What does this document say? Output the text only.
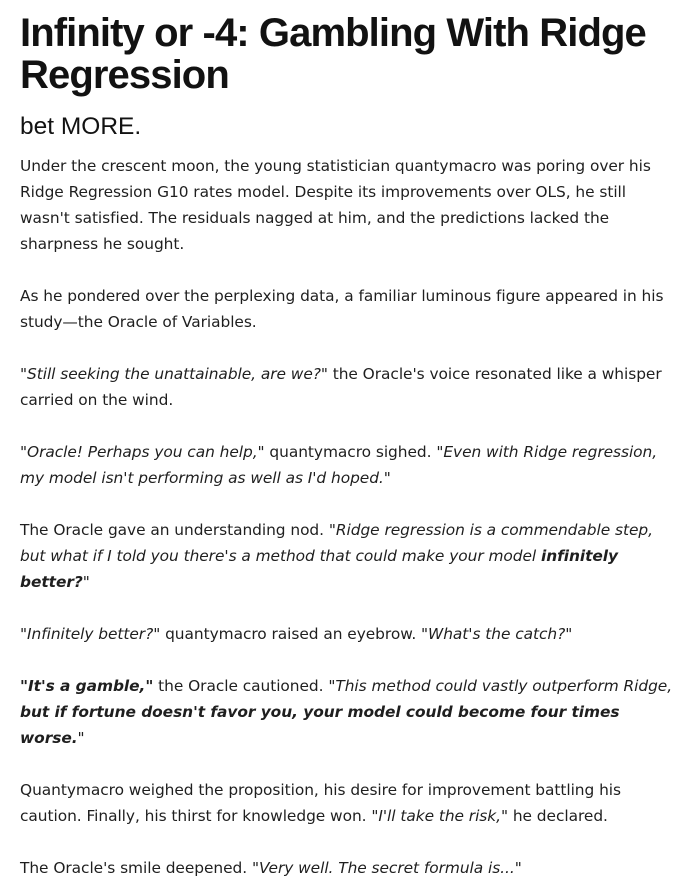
Infinity or -4: Gambling With Ridge Regression
bet MORE.

Under the crescent moon, the young statistician quantymacro was poring over his Ridge Regression G10 rates model. Despite its improvements over OLS, he still wasn't satisfied. The residuals nagged at him, and the predictions lacked the sharpness he sought.

As he pondered over the perplexing data, a familiar luminous figure appeared in his study—the Oracle of Variables.

"Still seeking the unattainable, are we?" the Oracle's voice resonated like a whisper carried on the wind.

"Oracle! Perhaps you can help," quantymacro sighed. "Even with Ridge regression, my model isn't performing as well as I'd hoped."

The Oracle gave an understanding nod. "Ridge regression is a commendable step, but what if I told you there's a method that could make your model infinitely better?"

"Infinitely better?" quantymacro raised an eyebrow. "What's the catch?"

"It's a gamble," the Oracle cautioned. "This method could vastly outperform Ridge, but if fortune doesn't favor you, your model could become four times worse."

Quantymacro weighed the proposition, his desire for improvement battling his caution. Finally, his thirst for knowledge won. "I'll take the risk," he declared.

The Oracle's smile deepened. "Very well. The secret formula is..."
